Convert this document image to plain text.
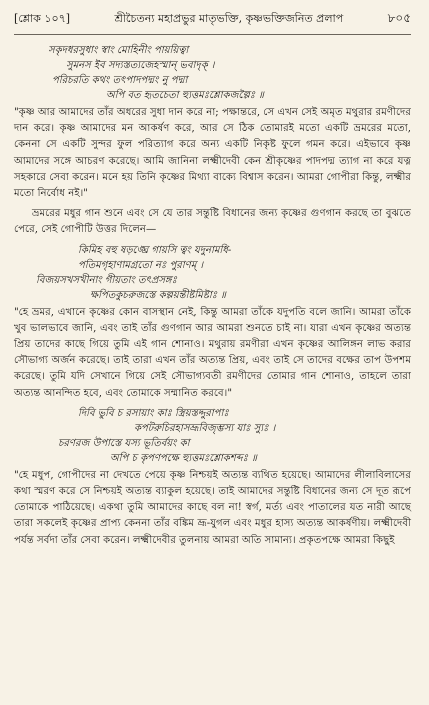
[শ্লোক ১০৭]	শ্রীচৈতন্য মহাপ্রভুর মাতৃভক্তি, কৃষ্ণভক্তিজনিত প্রলাপ	৮০৫

সকৃদধরসুধাং স্বাং মোহিনীং পায়য়িত্বা

সুমনস ইব সদ্যস্তত্যজেহস্মান্ ভবাদৃক্ ।

পরিচরতি কথং তৎপাদপদ্মং নু পদ্মা

অপি বত হৃতচেতা হ্যুত্তমঃশ্লোকজল্পৈঃ ॥

"কৃষ্ণ আর আমাদের তাঁর অধরের সুধা দান করে না; পক্ষান্তরে, সে এখন সেই অমৃত মথুরার রমণীদের দান করে। কৃষ্ণ আমাদের মন আকর্ষণ করে, আর সে ঠিক তোমারই মতো একটি ভ্রমরের মতো, কেননা সে একটি সুন্দর ফুল পরিত্যাগ করে অন্য একটি নিকৃষ্ট ফুলে গমন করে। এইভাবে কৃষ্ণ আমাদের সঙ্গে আচরণ করেছে। আমি জানিনা লক্ষ্মীদেবী কেন শ্রীকৃষ্ণের পাদপদ্ম ত্যাগ না করে যত্ন সহকারে সেবা করেন। মনে হয় তিনি কৃষ্ণের মিথ্যা বাক্যে বিশ্বাস করেন। আমরা গোপীরা কিন্তু, লক্ষ্মীর মতো নির্বোধ নই।"

ভ্রমরের মধুর গান শুনে এবং সে যে তার সন্তুষ্টি বিধানের জন্য কৃষ্ণের গুণগান করছে তা বুঝতে পেরে, সেই গোপীটি উত্তর দিলেন—

কিমিহ বহু ষড়ঙ্ঘ্রে গায়সি ত্বং যদুনামধি-

পতিমগৃহাণামগ্রতো নঃ পুরাণম্ ।

বিজয়সখসখীনাং গীয়তাং তৎপ্রসঙ্গঃ

ক্ষপিতকুচরুজস্তে কল্পয়ন্তীষ্টমিষ্টাঃ ॥

"হে ভ্রমর, এখানে কৃষ্ণের কোন বাসস্থান নেই, কিন্তু আমরা তাঁকে যদুপতি বলে জানি। আমরা তাঁকে খুব ভালভাবে জানি, এবং তাই তাঁর গুণগান আর আমরা শুনতে চাই না। যারা এখন কৃষ্ণের অত্যন্ত প্রিয় তাদের কাছে গিয়ে তুমি এই গান শোনাও। মথুরায় রমণীরা এখন কৃষ্ণের আলিঙ্গন লাভ করার সৌভাগ্য অর্জন করেছে। তাই তারা এখন তাঁর অত্যন্ত প্রিয়, এবং তাই সে তাদের বক্ষের তাপ উপশম করেছে। তুমি যদি সেখানে গিয়ে সেই সৌভাগ্যবতী রমণীদের তোমার গান শোনাও, তাহলে তারা অত্যন্ত আনন্দিত হবে, এবং তোমাকে সম্মানিত করবে।"

দিবি ভুবি চ রসায়াং কাঃ স্ত্রিয়স্তদ্দুরাপাঃ

কপটরুচিরহাসভ্রূবিজৃম্ভস্য যাঃ স্যুঃ ।

চরণরজ উপাস্তে যস্য ভূতির্বয়ং কা

অপি চ কৃপণপক্ষে হ্যুত্তমঃশ্লোকশব্দঃ ॥

"হে মধুপ, গোপীদের না দেখতে পেয়ে কৃষ্ণ নিশ্চয়ই অত্যন্ত ব্যথিত হয়েছে। আমাদের লীলাবিলাসের কথা স্মরণ করে সে নিশ্চয়ই অত্যন্ত ব্যাকুল হয়েছে। তাই আমাদের সন্তুষ্টি বিধানের জন্য সে দূত রূপে তোমাকে পাঠিয়েছে। একথা তুমি আমাদের কাছে বল না! স্বর্গ, মর্ত্য এবং পাতালের যত নারী আছে তারা সকলেই কৃষ্ণের প্রাপ্য কেননা তাঁর বঙ্কিম ভ্রূ-যুগল এবং মধুর হাস্য অত্যন্ত আকর্ষণীয়। লক্ষ্মীদেবী পর্যন্ত সর্বদা তাঁর সেবা করেন। লক্ষ্মীদেবীর তুলনায় আমরা অতি সামান্য। প্রকৃতপক্ষে আমরা কিছুই
